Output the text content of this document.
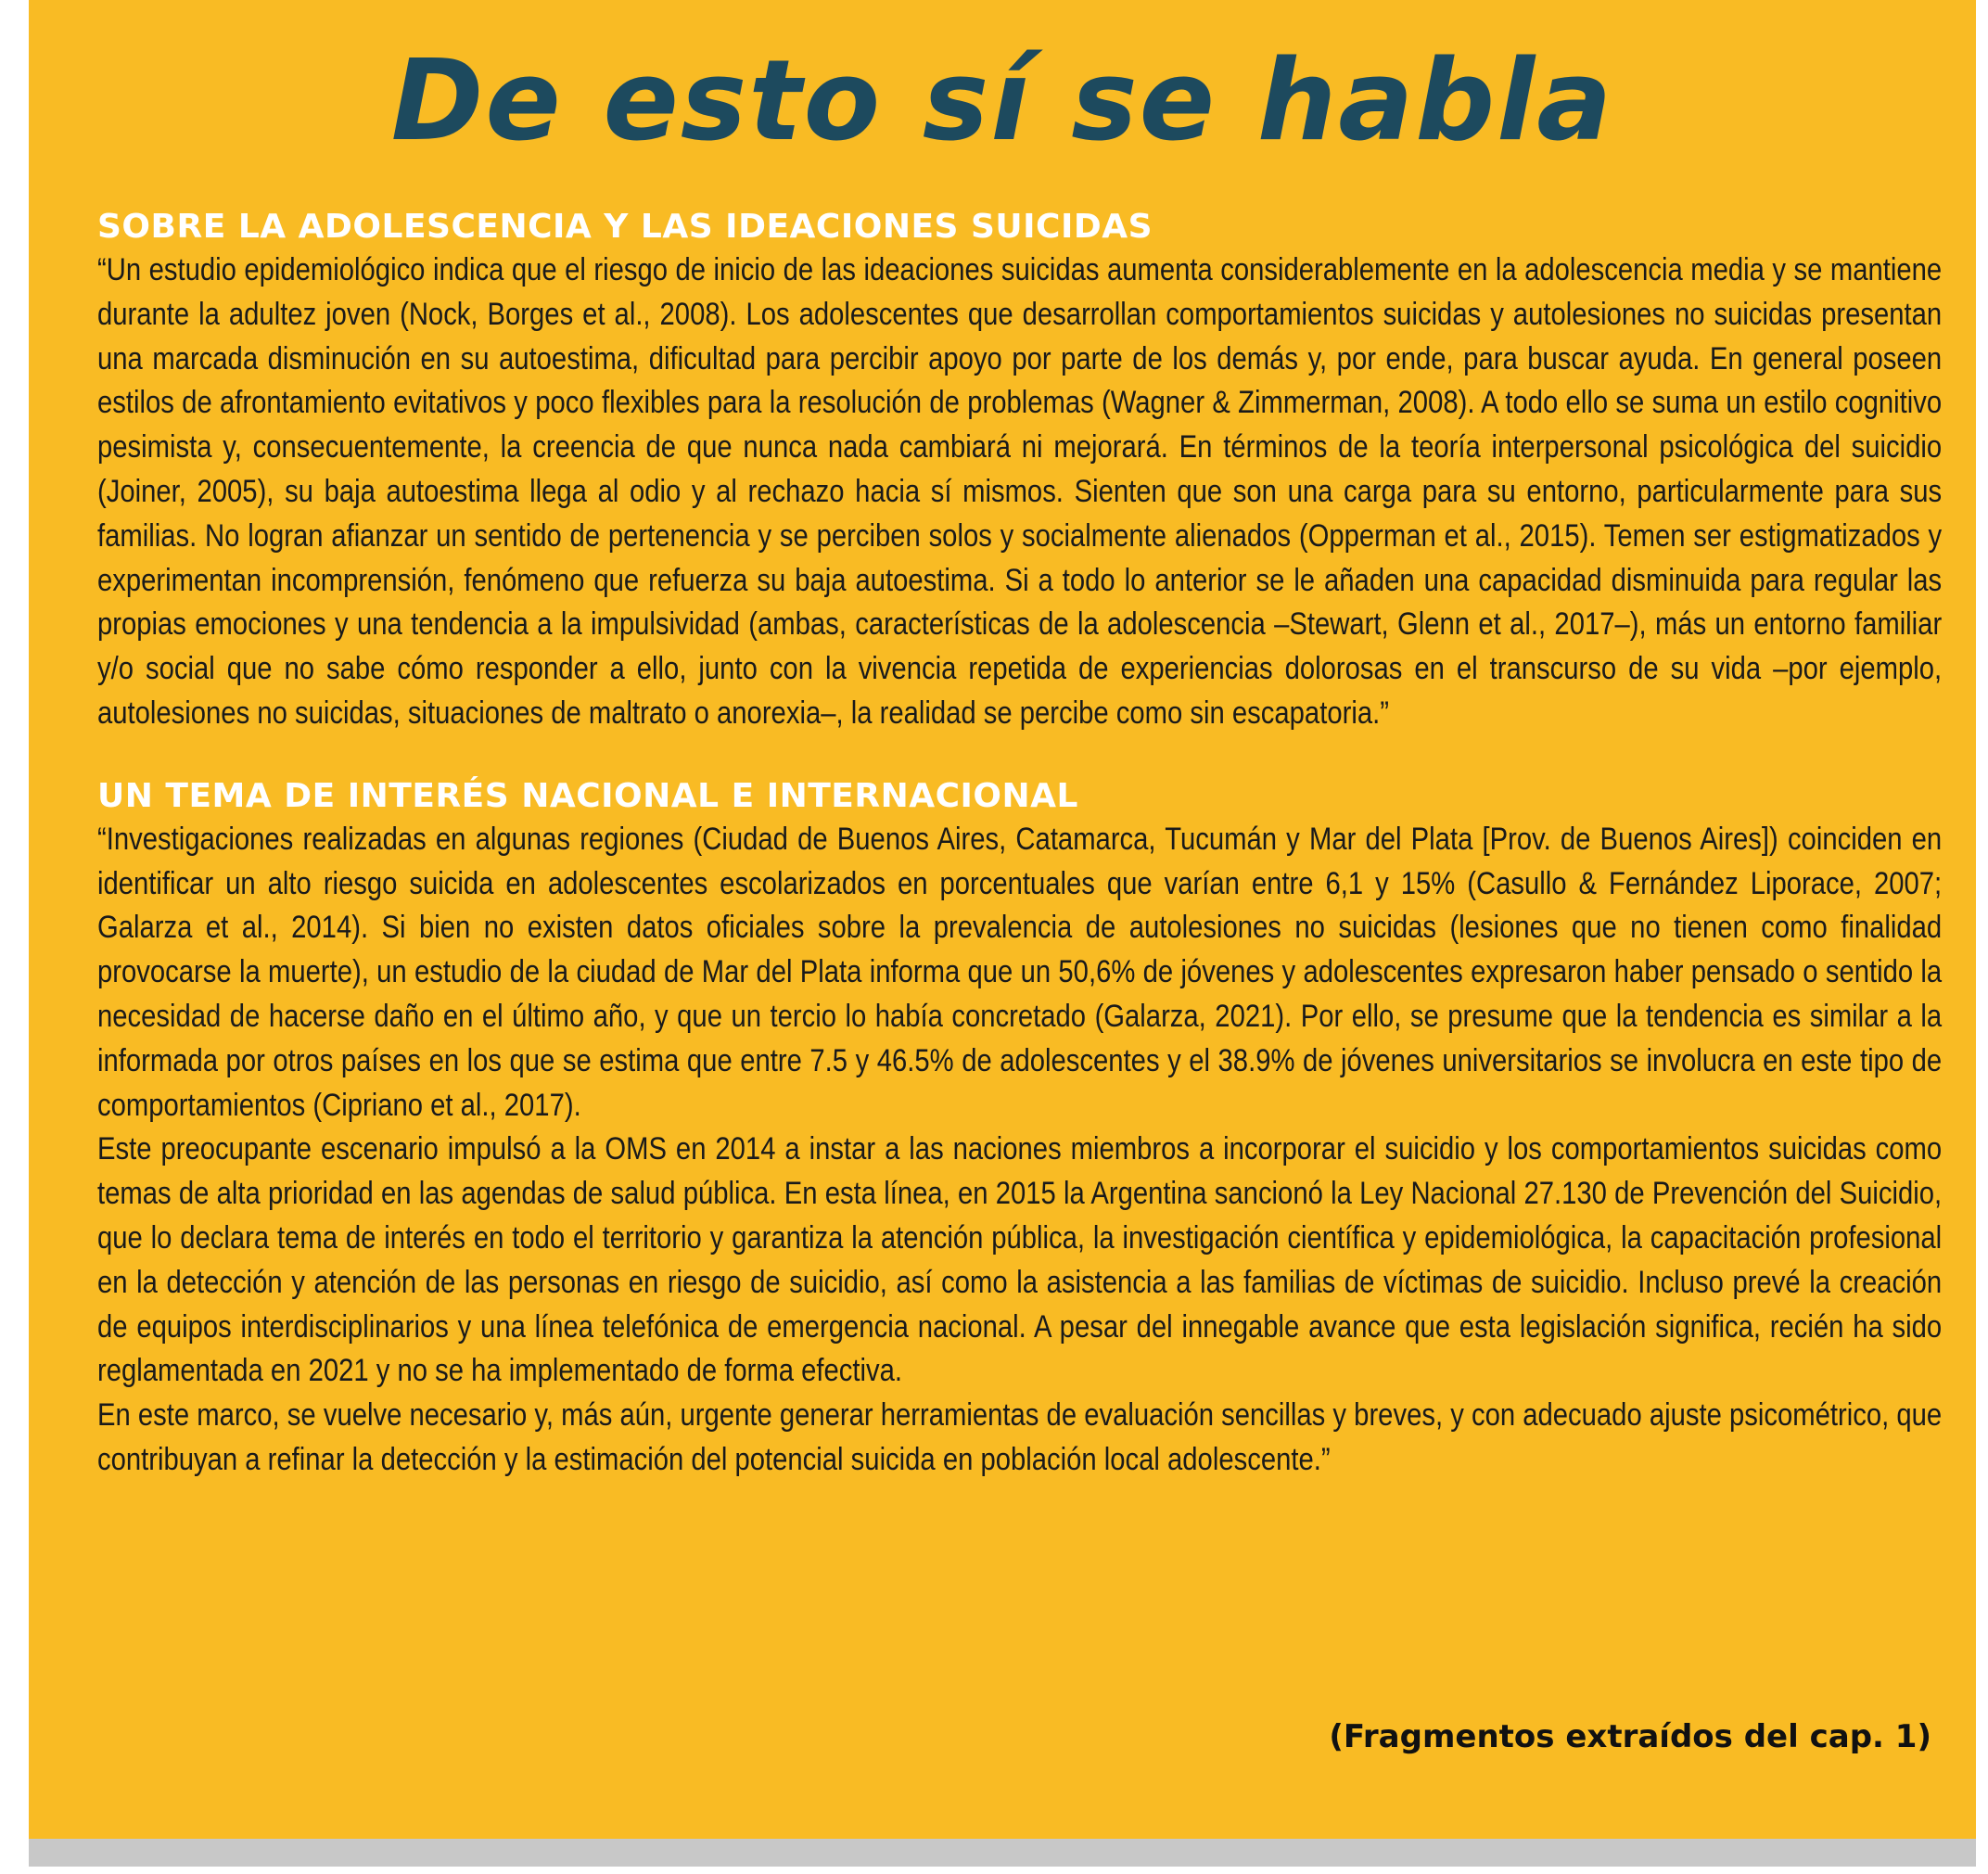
De esto sí se habla
SOBRE LA ADOLESCENCIA Y LAS IDEACIONES SUICIDAS

“Un estudio epidemiológico indica que el riesgo de inicio de las ideaciones suicidas aumenta considerablemente en la adolescencia media y se mantiene durante la adultez joven (Nock, Borges et al., 2008). Los adolescentes que desarrollan comportamientos suicidas y autolesiones no suicidas presentan una marcada disminución en su autoestima, dificultad para percibir apoyo por parte de los demás y, por ende, para buscar ayuda. En general poseen estilos de afrontamiento evitativos y poco flexibles para la resolución de problemas (Wagner & Zimmerman, 2008). A todo ello se suma un estilo cognitivo pesimista y, consecuentemente, la creencia de que nunca nada cambiará ni mejorará. En términos de la teoría interpersonal psicológica del suicidio (Joiner, 2005), su baja autoestima llega al odio y al rechazo hacia sí mismos. Sienten que son una carga para su entorno, particularmente para sus familias. No logran afianzar un sentido de pertenencia y se perciben solos y socialmente alienados (Opperman et al., 2015). Temen ser estigmatizados y experimentan incomprensión, fenómeno que refuerza su baja autoestima. Si a todo lo anterior se le añaden una capacidad disminuida para regular las propias emociones y una tendencia a la impulsividad (ambas, características de la adolescencia –Stewart, Glenn et al., 2017–), más un entorno familiar y/o social que no sabe cómo responder a ello, junto con la vivencia repetida de experiencias dolorosas en el transcurso de su vida –por ejemplo, autolesiones no suicidas, situaciones de maltrato o anorexia–, la realidad se percibe como sin escapatoria.”

UN TEMA DE INTERÉS NACIONAL E INTERNACIONAL

“Investigaciones realizadas en algunas regiones (Ciudad de Buenos Aires, Catamarca, Tucumán y Mar del Plata [Prov. de Buenos Aires]) coinciden en identificar un alto riesgo suicida en adolescentes escolarizados en porcentuales que varían entre 6,1 y 15% (Casullo & Fernández Liporace, 2007; Galarza et al., 2014). Si bien no existen datos oficiales sobre la prevalencia de autolesiones no suicidas (lesiones que no tienen como finalidad provocarse la muerte), un estudio de la ciudad de Mar del Plata informa que un 50,6% de jóvenes y adolescentes expresaron haber pensado o sentido la necesidad de hacerse daño en el último año, y que un tercio lo había concretado (Galarza, 2021). Por ello, se presume que la tendencia es similar a la informada por otros países en los que se estima que entre 7.5 y 46.5% de adolescentes y el 38.9% de jóvenes universitarios se involucra en este tipo de comportamientos (Cipriano et al., 2017).

Este preocupante escenario impulsó a la OMS en 2014 a instar a las naciones miembros a incorporar el suicidio y los comportamientos suicidas como temas de alta prioridad en las agendas de salud pública. En esta línea, en 2015 la Argentina sancionó la Ley Nacional 27.130 de Prevención del Suicidio, que lo declara tema de interés en todo el territorio y garantiza la atención pública, la investigación científica y epidemiológica, la capacitación profesional en la detección y atención de las personas en riesgo de suicidio, así como la asistencia a las familias de víctimas de suicidio. Incluso prevé la creación de equipos interdisciplinarios y una línea telefónica de emergencia nacional. A pesar del innegable avance que esta legislación significa, recién ha sido reglamentada en 2021 y no se ha implementado de forma efectiva.

En este marco, se vuelve necesario y, más aún, urgente generar herramientas de evaluación sencillas y breves, y con adecuado ajuste psicométrico, que contribuyan a refinar la detección y la estimación del potencial suicida en población local adolescente.”

(Fragmentos extraídos del cap. 1)
